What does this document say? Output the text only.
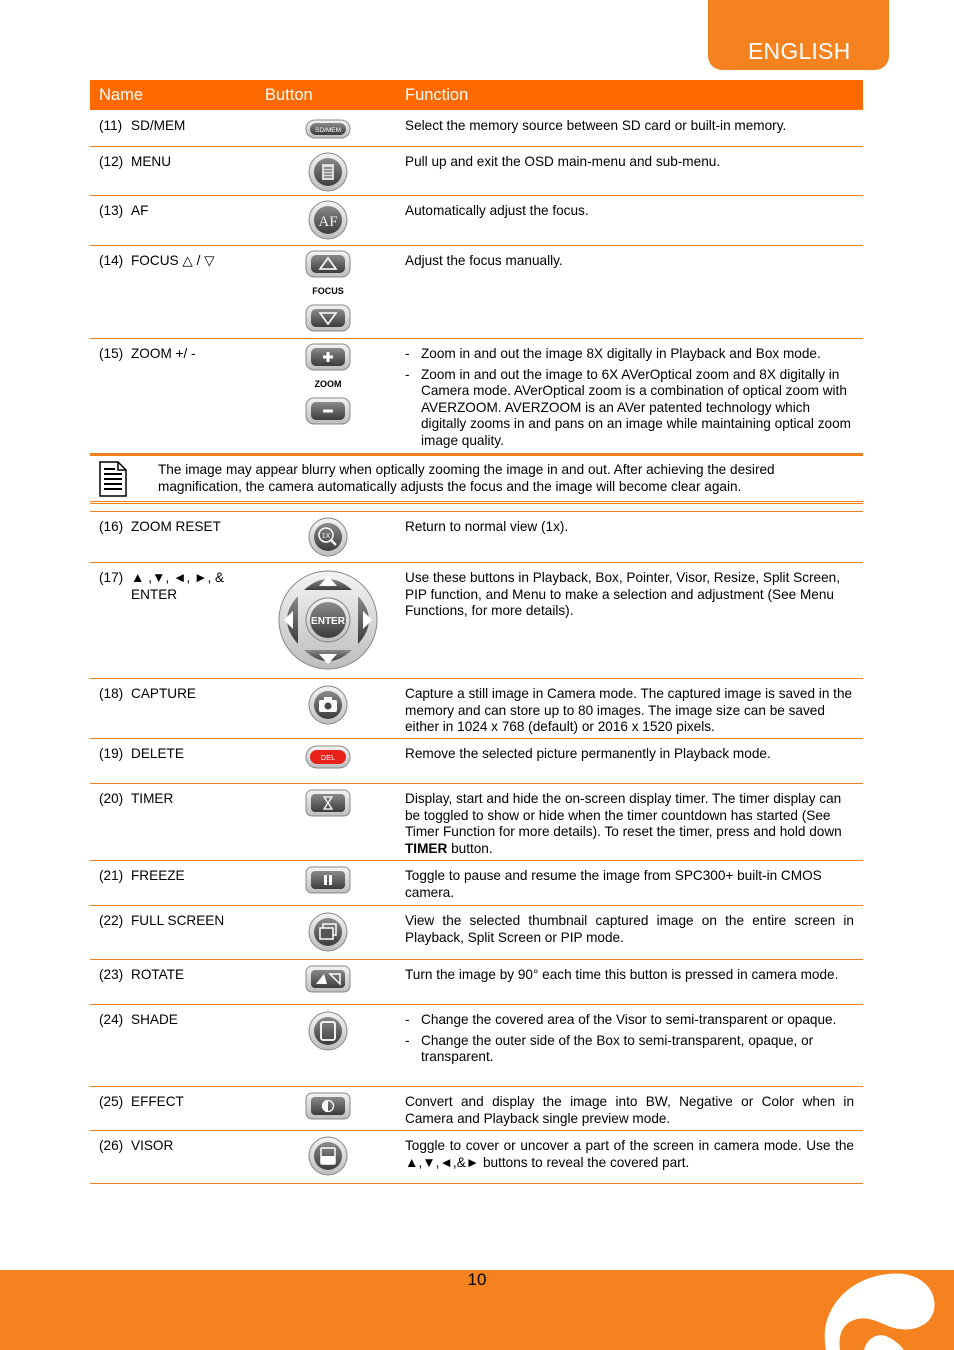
ENGLISH
Name	Button	Function
(11) SD/MEM	SD/MEM	Select the memory source between SD card or built-in memory.
(12) MENU	Pull up and exit the OSD main-menu and sub-menu.
(13) AF
AF
Automatically adjust the focus.
(14) FOCUS △ / ▽
FOCUS
Adjust the focus manually.
(15) ZOOM +/ -
ZOOM
- Zoom in and out the image 8X digitally in Playback and Box mode.
- Zoom in and out the image to 6X AVerOptical zoom and 8X digitally in Camera mode. AVerOptical zoom is a combination of optical zoom with AVERZOOM. AVERZOOM is an AVer patented technology which digitally zooms in and pans on an image while maintaining optical zoom image quality.
The image may appear blurry when optically zooming the image in and out. After achieving the desired magnification, the camera automatically adjusts the focus and the image will become clear again.
(16) ZOOM RESET
1X
Return to normal view (1x).
(17) ▲ ,▼, ◄, ►, & ENTER
ENTER
Use these buttons in Playback, Box, Pointer, Visor, Resize, Split Screen, PIP function, and Menu to make a selection and adjustment (See Menu Functions, for more details).
(18) CAPTURE	Capture a still image in Camera mode. The captured image is saved in the memory and can store up to 80 images. The image size can be saved either in 1024 x 768 (default) or 2016 x 1520 pixels.
(19) DELETE	DEL	Remove the selected picture permanently in Playback mode.
(20) TIMER	Display, start and hide the on-screen display timer. The timer display can be toggled to show or hide when the timer countdown has started (See Timer Function for more details). To reset the timer, press and hold down TIMER button.
(21) FREEZE	Toggle to pause and resume the image from SPC300+ built-in CMOS camera.
(22) FULL SCREEN	View the selected thumbnail captured image on the entire screen in Playback, Split Screen or PIP mode.
(23) ROTATE	Turn the image by 90° each time this button is pressed in camera mode.
(24) SHADE
-	Change the covered area of the Visor to semi-transparent or opaque.
- Change the outer side of the Box to semi-transparent, opaque, or transparent.
(25) EFFECT	Convert and display the image into BW, Negative or Color when in Camera and Playback single preview mode.
(26) VISOR	Toggle to cover or uncover a part of the screen in camera mode. Use the ▲,▼,◄,&► buttons to reveal the covered part.
10
